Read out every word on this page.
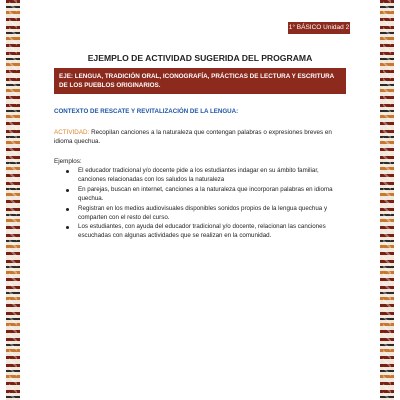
1° BÁSICO Unidad 2
EJEMPLO DE ACTIVIDAD SUGERIDA DEL PROGRAMA
EJE: LENGUA, TRADICIÓN ORAL, ICONOGRAFÍA, PRÁCTICAS DE LECTURA Y ESCRITURA DE LOS PUEBLOS ORIGINARIOS.
CONTEXTO DE RESCATE Y REVITALIZACIÓN DE LA LENGUA:
ACTIVIDAD: Recopilan canciones a la naturaleza que contengan palabras o expresiones breves en idioma quechua.
Ejemplos:
El educador tradicional y/o docente pide a los estudiantes indagar en su ámbito familiar, canciones relacionadas con los saludos la naturaleza
En parejas, buscan en internet, canciones a la naturaleza que incorporan palabras en idioma quechua.
Registran en los medios audiovisuales disponibles sonidos propios de la lengua quechua y comparten con el resto del curso.
Los estudiantes, con ayuda del educador tradicional y/o docente, relacionan las canciones escuchadas con algunas actividades que se realizan en la comunidad.
